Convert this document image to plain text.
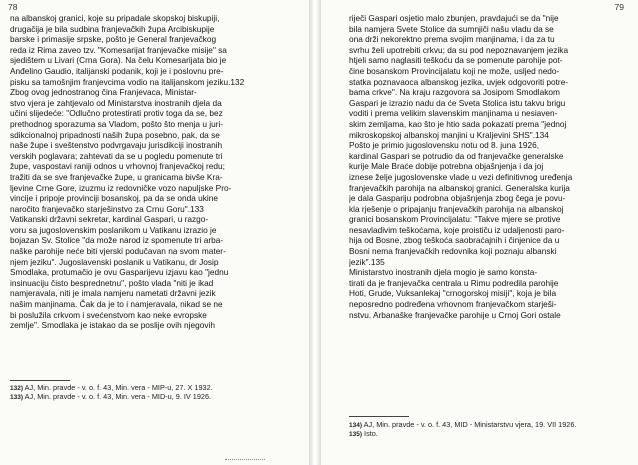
78
na albanskoj granici, koje su pripadale skopskoj biskupiji,
drugačija je bila sudbina franjevačkih župa Arcibiskupije
barske i primasije srpske, pošto je General franjevačkog
reda iz Rima zaveo tzv. "Komesarijat franjevačke misije" sa
sjedištem u Livari (Crna Gora). Na čelu Komesarijata bio je
Anđelino Gaudio, italijanski podanik, koji je i poslovnu pre-
pisku sa tamošnjim franjevcima vodio na italijanskom jeziku.132
Zbog ovog jednostranog čina Franjevaca, Ministar-
stvo vjera je zahtjevalo od Ministarstva inostranih djela da
učini slijedeće: "Odlučno protestirati protiv toga da se, bez
prethodnog sporazuma sa Vladom, pošto što menja u juri-
sdikcionalnoj pripadnosti naših župa posebno, pak, da se
naše župe i sveštenstvo podvrgavaju jurisdikciji inostranih
verskih poglavara; zahtevati da se u pogledu pomenute tri
župe, vaspostavi raniji odnos u vrhovnoj franjevačkoj redu;
tražiti da se sve franjevačke župe, u granicama bivše Kra-
ljevine Crne Gore, izuzmu iz redovničke vozo napuljske Pro-
vincije i pripoje provinciji bosanskoj, pa da se onda ukine
naročito franjevačko starješinstvo za Crnu Goru".133
Vatikanski državni sekretar, kardinal Gaspari, u razgo-
voru sa jugoslovenskim poslanikom u Vatikanu izrazio je
bojazan Sv. Stolice "da može narod iz spomenute tri arba-
naške parohije neće biti vjerski podučavan na svom mater-
njem jeziku". Jugoslavenski poslanik u Vatikanu, dr Josip
Smodlaka, protumačio je ovu Gasparijevu izjavu kao "jednu
insinuaciju čisto besprednetnu", pošto vlada "niti je ikad
namjeravala, niti je imala namjeru nametati državni jezik
našim manjinama. Čak da je to i namjeravala, nikad se ne
bi poslužila crkvom i svećenstvom kao neke evropske
zemlje". Smodlaka je istakao da se poslije ovih njegovih
132) AJ, Min. pravde - v. o. f. 43, Min. vera - MIP-u, 27. X 1932.
133) AJ, Min. pravde - v. o. f. 43, Min. vera - MID-u, 9. IV 1926.
79
riječi Gaspari osjetio malo zbunjen, pravdajući se da "nije
bila namjera Svete Stolice da sumnjiči našu vladu da se
ona drži nekorektno prema svojim manjinama, i da za tu
svrhu želi upotrebiti crkvu; da su pod nepoznavanjem jezika
htjeli samo naglasiti teškoću da se pomenute parohije pot-
čine bosanskom Provincijalatu koji ne može, usljed nedo-
statka poznavaoca albanskog jezika, uvjek odgovoriti potre-
bama crkve". Na kraju razgovora sa Josipom Smodlakom
Gaspari je izrazio nadu da će Sveta Stolica istu takvu brigu
voditi i prema velikim slavenskim manjinama u nesiaven-
skim zemljama, kao što je htio sada pokazati prema "jednoj
mikroskopskoj albanskoj manjini u Kraljevini SHS".134
Pošto je primio jugoslovensku notu od 8. juna 1926,
kardinal Gaspari se potrudio da od franjevačke generalske
kurije Male Braće dobije potrebna objašnjenja i da joj
iznese želje jugoslovenske vlade u vezi definitivnog uređenja
franjevačkih parohija na albanskoj granici. Generalska kurija
je dala Gaspariju podrobna objašnjenja zbog čega je povu-
kla rješenje o pripajanju franjevačkih parohija na albanskoj
granici bosanskom Provincijalatu: "Takve mjere se protive
nesavladivim teškoćama, koje proističu iz udaljenosti paro-
hija od Bosne, zbog teškoća saobraćajnih i činjenice da u
Bosni nema franjevačkih redovnika koji poznaju albanski
jezik".135
Ministarstvo inostranih djela mogio je samo konsta-
tirati da je franjevačka centrala u Rimu podredila parohije
Hoti, Grude, Vuksanlekaj "crnogorskoj misiji", koja je bila
neposredno podređena vrhovnom franjevačkom starješi-
nstvu. Arbanaške franjevačke parohije u Crnoj Gori ostale
134) AJ, Min. pravde - v. o. f. 43, MID - Ministarstvu vjera, 19. VII 1926.
135) Isto.
